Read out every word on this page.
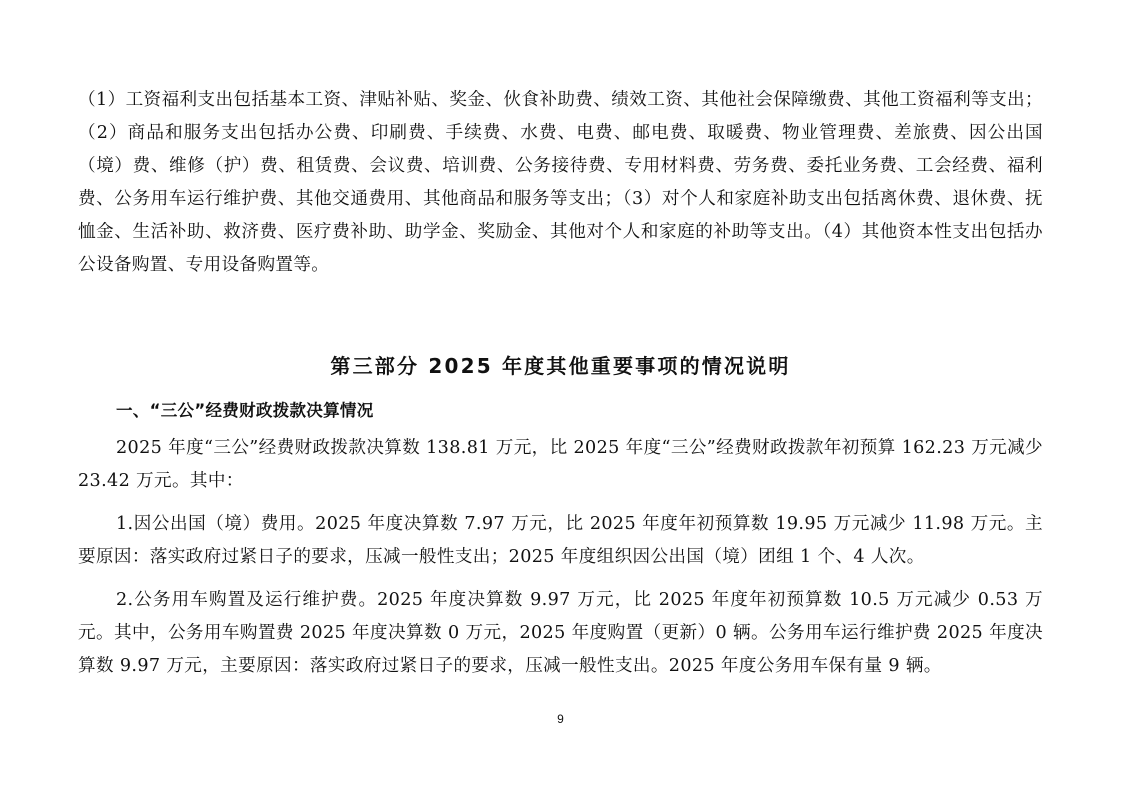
（1）工资福利支出包括基本工资、津贴补贴、奖金、伙食补助费、绩效工资、其他社会保障缴费、其他工资福利等支出；（2）商品和服务支出包括办公费、印刷费、手续费、水费、电费、邮电费、取暖费、物业管理费、差旅费、因公出国（境）费、维修（护）费、租赁费、会议费、培训费、公务接待费、专用材料费、劳务费、委托业务费、工会经费、福利费、公务用车运行维护费、其他交通费用、其他商品和服务等支出；（3）对个人和家庭补助支出包括离休费、退休费、抚恤金、生活补助、救济费、医疗费补助、助学金、奖励金、其他对个人和家庭的补助等支出。（4）其他资本性支出包括办公设备购置、专用设备购置等。

第三部分 2025 年度其他重要事项的情况说明
一、“三公”经费财政拨款决算情况

2025 年度“三公”经费财政拨款决算数 138.81 万元，比 2025 年度“三公”经费财政拨款年初预算 162.23 万元减少 23.42 万元。其中：

1.因公出国（境）费用。2025 年度决算数 7.97 万元，比 2025 年度年初预算数 19.95 万元减少 11.98 万元。主要原因：落实政府过紧日子的要求，压减一般性支出；2025 年度组织因公出国（境）团组 1 个、4 人次。

2.公务用车购置及运行维护费。2025 年度决算数 9.97 万元，比 2025 年度年初预算数 10.5 万元减少 0.53 万元。其中，公务用车购置费 2025 年度决算数 0 万元，2025 年度购置（更新）0 辆。公务用车运行维护费 2025 年度决算数 9.97 万元，主要原因：落实政府过紧日子的要求，压减一般性支出。2025 年度公务用车保有量 9 辆。

9
